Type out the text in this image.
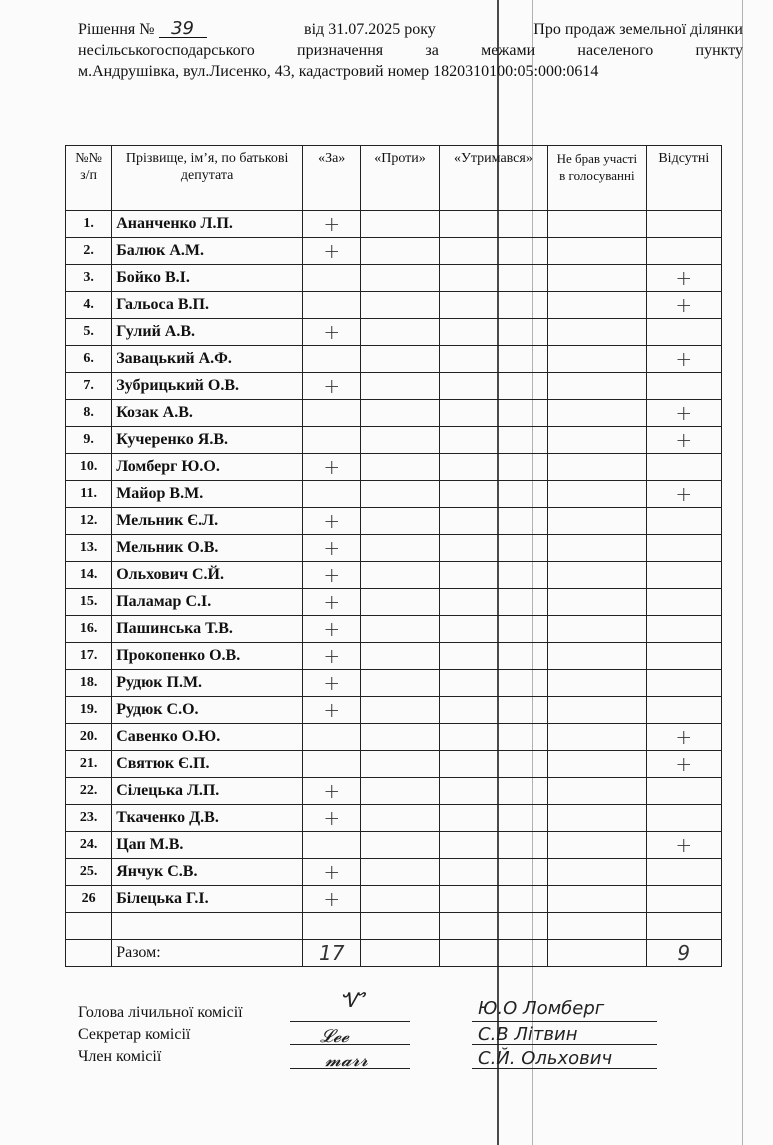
Рішення № 39	від 31.07.2025 року	Про продаж земельної ділянки
несільськогосподарського призначення за межами населеного пункту
м.Андрушівка, вул.Лисенко, 43, кадастровий номер 1820310100:05:000:0614
№№ з/п	Прізвище, ім’я, по батькові депутата	«За»	«Проти»	«Утримався»	Не брав участі в голосуванні	Відсутні
1.	Ананченко Л.П.	+				
2.	Балюк А.М.	+				
3.	Бойко В.І.					+
4.	Гальоса В.П.					+
5.	Гулий А.В.	+				
6.	Завацький А.Ф.					+
7.	Зубрицький О.В.	+				
8.	Козак А.В.					+
9.	Кучеренко Я.В.					+
10.	Ломберг Ю.О.	+				
11.	Майор В.М.					+
12.	Мельник Є.Л.	+				
13.	Мельник О.В.	+				
14.	Ольхович С.Й.	+				
15.	Паламар С.І.	+				
16.	Пашинська Т.В.	+				
17.	Прокопенко О.В.	+				
18.	Рудюк П.М.	+				
19.	Рудюк С.О.	+				
20.	Савенко О.Ю.					+
21.	Святюк Є.П.					+
22.	Сілецька Л.П.	+				
23.	Ткаченко Д.В.	+				
24.	Цап М.В.					+
25.	Янчук С.В.	+				
26	Білецька Г.І.	+				

	Разом:	17				9
Голова лічильної комісії
Секретар комісії
Член комісії
Ꮙ
𝓛𝓮𝓮
𝓶𝓪𝓻𝓻
Ю.О Ломберг
С.В Літвин
С.Й. Ольхович
